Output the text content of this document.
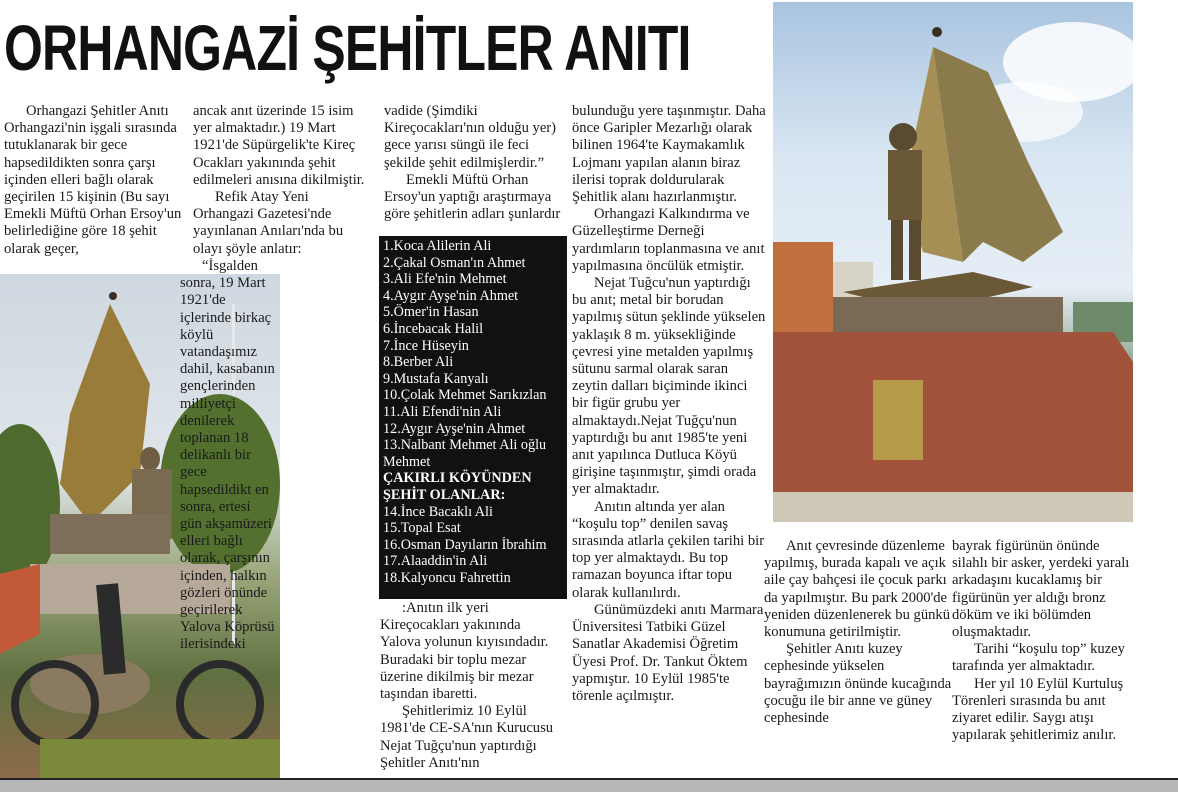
ORHANGAZİ ŞEHİTLER ANITI

Orhangazi Şehitler Anıtı Orhangazi'nin işgali sırasında tutuklanarak bir gece hapsedildikten sonra çarşı içinden elleri bağlı olarak geçirilen 15 kişinin (Bu sayı Emekli Müftü Orhan Ersoy'un belirlediğine göre 18 şehit olarak geçer,

“İsgalden sonra, 19 Mart 1921'de içlerinde birkaç köylü vatandaşımız dahil, kasabanın gençlerinden milliyetçi denilerek toplanan 18 delikanlı bir gece hapsedildikt en sonra, ertesi gün akşamüzeri elleri bağlı olarak, çarşının içinden, halkın gözleri önünde geçirilerek Yalova Köprüsü ilerisindeki

ancak anıt üzerinde 15 isim yer almaktadır.) 19 Mart 1921'de Süpürgelik'te Kireç Ocakları yakınında şehit edilmeleri anısına dikilmiştir.

Refik Atay Yeni Orhangazi Gazetesi'nde yayınlanan Anıları'nda bu olayı şöyle anlatır:

vadide (Şimdiki Kireçocakları'nın olduğu yer) gece yarısı süngü ile feci şekilde şehit edilmişlerdir.”

Emekli Müftü Orhan Ersoy'un yaptığı araştırmaya göre şehitlerin adları şunlardır

1.Koca Alilerin Ali
2.Çakal Osman'ın Ahmet
3.Ali Efe'nin Mehmet
4.Aygır Ayşe'nin Ahmet
5.Ömer'in Hasan
6.İncebacak Halil
7.İnce Hüseyin
8.Berber Ali
9.Mustafa Kanyalı
10.Çolak Mehmet Sarıkızlan
11.Ali Efendi'nin Ali
12.Aygır Ayşe'nin Ahmet
13.Nalbant Mehmet Ali oğlu Mehmet
ÇAKIRLI KÖYÜNDEN ŞEHİT OLANLAR:
14.İnce Bacaklı Ali
15.Topal Esat
16.Osman Dayıların İbrahim
17.Alaaddin'in Ali
18.Kalyoncu Fahrettin

:Anıtın ilk yeri Kireçocakları yakınında Yalova yolunun kıyısındadır. Buradaki bir toplu mezar üzerine dikilmiş bir mezar taşından ibaretti.

Şehitlerimiz 10 Eylül 1981'de CE-SA'nın Kurucusu Nejat Tuğçu'nun yaptırdığı Şehitler Anıtı'nın

bulunduğu yere taşınmıştır. Daha önce Garipler Mezarlığı olarak bilinen 1964'te Kaymakamlık Lojmanı yapılan alanın biraz ilerisi toprak doldurularak Şehitlik alanı hazırlanmıştır.

Orhangazi Kalkındırma ve Güzelleştirme Derneği yardımların toplanmasına ve anıt yapılmasına öncülük etmiştir.

Nejat Tuğcu'nun yaptırdığı bu anıt; metal bir borudan yapılmış sütun şeklinde yükselen yaklaşık 8 m. yüksekliğinde çevresi yine metalden yapılmış sütunu sarmal olarak saran zeytin dalları biçiminde ikinci bir figür grubu yer almaktaydı.Nejat Tuğçu'nun yaptırdığı bu anıt 1985'te yeni anıt yapılınca Dutluca Köyü girişine taşınmıştır, şimdi orada yer almaktadır.

Anıtın altında yer alan “koşulu top” denilen savaş sırasında atlarla çekilen tarihi bir top yer almaktaydı. Bu top ramazan boyunca iftar topu olarak kullanılırdı.

Günümüzdeki anıtı Marmara Üniversitesi Tatbiki Güzel Sanatlar Akademisi Öğretim Üyesi Prof. Dr. Tankut Öktem yapmıştır. 10 Eylül 1985'te törenle açılmıştır.

Anıt çevresinde düzenleme yapılmış, burada kapalı ve açık aile çay bahçesi ile çocuk parkı da yapılmıştır. Bu park 2000'de yeniden düzenlenerek bu günkü konumuna getirilmiştir.

Şehitler Anıtı kuzey cephesinde yükselen bayrağımızın önünde kucağında çocuğu ile bir anne ve güney cephesinde

bayrak figürünün önünde silahlı bir asker, yerdeki yaralı arkadaşını kucaklamış bir figürünün yer aldığı bronz döküm ve iki bölümden oluşmaktadır.

Tarihi “koşulu top” kuzey tarafında yer almaktadır.

Her yıl 10 Eylül Kurtuluş Törenleri sırasında bu anıt ziyaret edilir. Saygı atışı yapılarak şehitlerimiz anılır.
